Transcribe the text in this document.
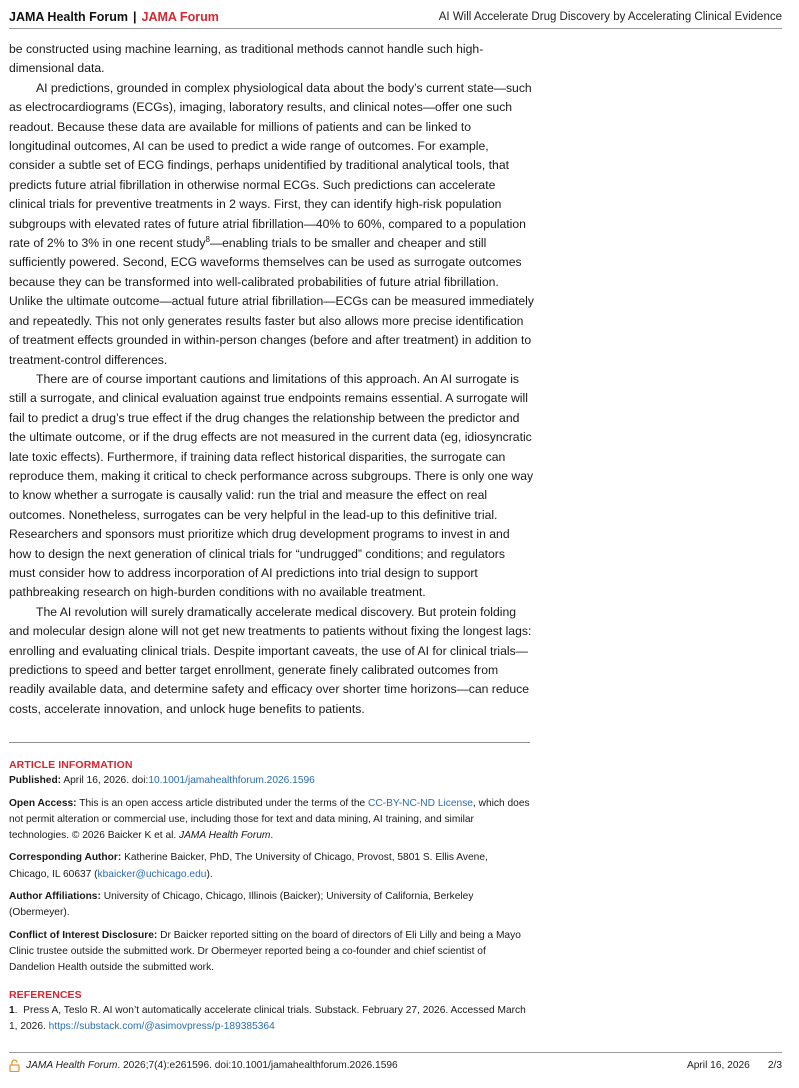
JAMA Health Forum | JAMA Forum	AI Will Accelerate Drug Discovery by Accelerating Clinical Evidence

be constructed using machine learning, as traditional methods cannot handle such high-dimensional data.

AI predictions, grounded in complex physiological data about the body’s current state—such as electrocardiograms (ECGs), imaging, laboratory results, and clinical notes—offer one such readout. Because these data are available for millions of patients and can be linked to longitudinal outcomes, AI can be used to predict a wide range of outcomes. For example, consider a subtle set of ECG findings, perhaps unidentified by traditional analytical tools, that predicts future atrial fibrillation in otherwise normal ECGs. Such predictions can accelerate clinical trials for preventive treatments in 2 ways. First, they can identify high-risk population subgroups with elevated rates of future atrial fibrillation—40% to 60%, compared to a population rate of 2% to 3% in one recent study$^8$—enabling trials to be smaller and cheaper and still sufficiently powered. Second, ECG waveforms themselves can be used as surrogate outcomes because they can be transformed into well-calibrated probabilities of future atrial fibrillation. Unlike the ultimate outcome—actual future atrial fibrillation—ECGs can be measured immediately and repeatedly. This not only generates results faster but also allows more precise identification of treatment effects grounded in within-person changes (before and after treatment) in addition to treatment-control differences.

There are of course important cautions and limitations of this approach. An AI surrogate is still a surrogate, and clinical evaluation against true endpoints remains essential. A surrogate will fail to predict a drug’s true effect if the drug changes the relationship between the predictor and the ultimate outcome, or if the drug effects are not measured in the current data (eg, idiosyncratic late toxic effects). Furthermore, if training data reflect historical disparities, the surrogate can reproduce them, making it critical to check performance across subgroups. There is only one way to know whether a surrogate is causally valid: run the trial and measure the effect on real outcomes. Nonetheless, surrogates can be very helpful in the lead-up to this definitive trial. Researchers and sponsors must prioritize which drug development programs to invest in and how to design the next generation of clinical trials for “undrugged” conditions; and regulators must consider how to address incorporation of AI predictions into trial design to support pathbreaking research on high-burden conditions with no available treatment.

The AI revolution will surely dramatically accelerate medical discovery. But protein folding and molecular design alone will not get new treatments to patients without fixing the longest lags: enrolling and evaluating clinical trials. Despite important caveats, the use of AI for clinical trials—predictions to speed and better target enrollment, generate finely calibrated outcomes from readily available data, and determine safety and efficacy over shorter time horizons—can reduce costs, accelerate innovation, and unlock huge benefits to patients.

ARTICLE INFORMATION

Published: April 16, 2026. doi:10.1001/jamahealthforum.2026.1596

Open Access: This is an open access article distributed under the terms of the CC-BY-NC-ND License, which does not permit alteration or commercial use, including those for text and data mining, AI training, and similar technologies. © 2026 Baicker K et al. JAMA Health Forum.

Corresponding Author: Katherine Baicker, PhD, The University of Chicago, Provost, 5801 S. Ellis Avene, Chicago, IL 60637 (kbaicker@uchicago.edu).

Author Affiliations: University of Chicago, Chicago, Illinois (Baicker); University of California, Berkeley (Obermeyer).

Conflict of Interest Disclosure: Dr Baicker reported sitting on the board of directors of Eli Lilly and being a Mayo Clinic trustee outside the submitted work. Dr Obermeyer reported being a co-founder and chief scientist of Dandelion Health outside the submitted work.

REFERENCES

1.  Press A, Teslo R. AI won’t automatically accelerate clinical trials. Substack. February 27, 2026. Accessed March 1, 2026. https://substack.com/@asimovpress/p-189385364

JAMA Health Forum. 2026;7(4):e261596. doi:10.1001/jamahealthforum.2026.1596	April 16, 2026 2/3
